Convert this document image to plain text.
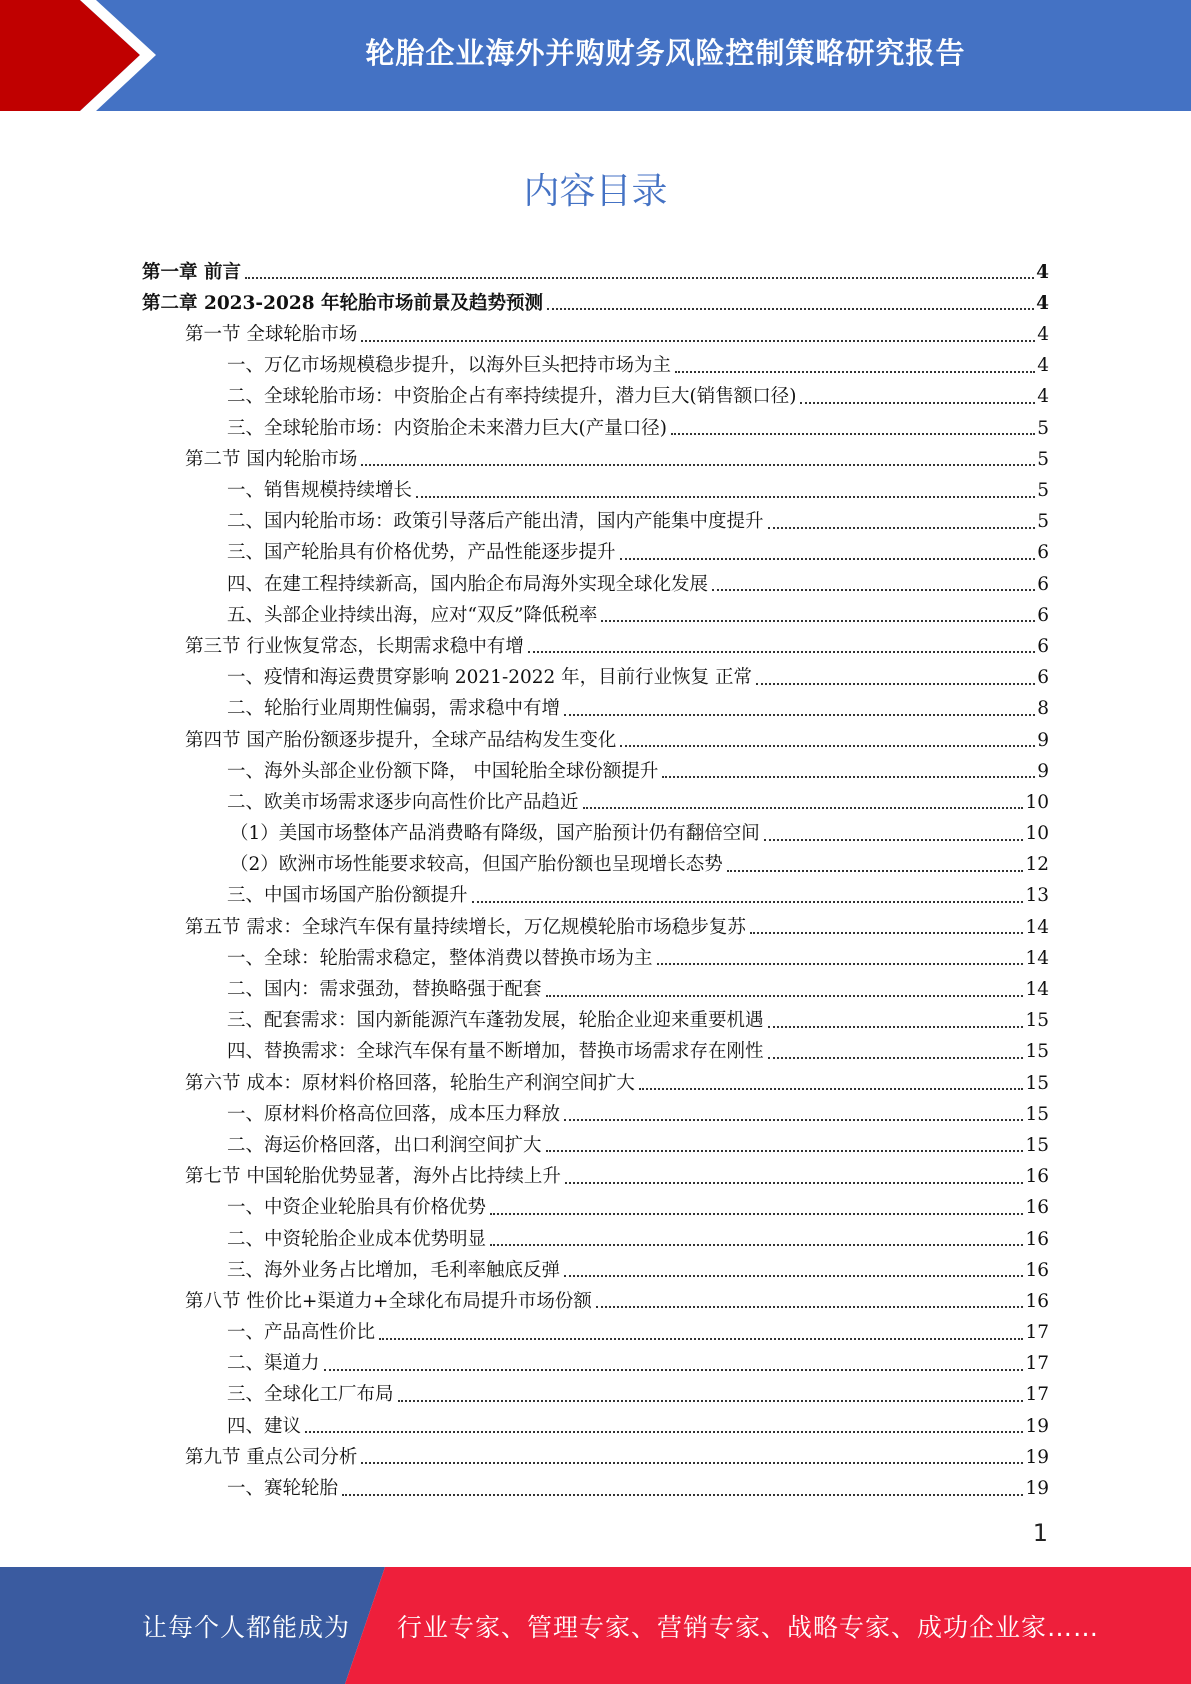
轮胎企业海外并购财务风险控制策略研究报告
内容目录
第一章 前言	4
第二章 2023-2028 年轮胎市场前景及趋势预测	4
第一节 全球轮胎市场	4
一、万亿市场规模稳步提升，以海外巨头把持市场为主	4
二、全球轮胎市场：中资胎企占有率持续提升，潜力巨大(销售额口径)	4
三、全球轮胎市场：内资胎企未来潜力巨大(产量口径)	5
第二节 国内轮胎市场	5
一、销售规模持续增长	5
二、国内轮胎市场：政策引导落后产能出清，国内产能集中度提升	5
三、国产轮胎具有价格优势，产品性能逐步提升	6
四、在建工程持续新高，国内胎企布局海外实现全球化发展	6
五、头部企业持续出海，应对“双反”降低税率	6
第三节 行业恢复常态，长期需求稳中有增	6
一、疫情和海运费贯穿影响 2021-2022 年，目前行业恢复 正常	6
二、轮胎行业周期性偏弱，需求稳中有增	8
第四节 国产胎份额逐步提升，全球产品结构发生变化	9
一、海外头部企业份额下降， 中国轮胎全球份额提升	9
二、欧美市场需求逐步向高性价比产品趋近	10
（1）美国市场整体产品消费略有降级，国产胎预计仍有翻倍空间	10
（2）欧洲市场性能要求较高，但国产胎份额也呈现增长态势	12
三、中国市场国产胎份额提升	13
第五节 需求：全球汽车保有量持续增长，万亿规模轮胎市场稳步复苏	14
一、全球：轮胎需求稳定，整体消费以替换市场为主	14
二、国内：需求强劲，替换略强于配套	14
三、配套需求：国内新能源汽车蓬勃发展，轮胎企业迎来重要机遇	15
四、替换需求：全球汽车保有量不断增加，替换市场需求存在刚性	15
第六节 成本：原材料价格回落，轮胎生产利润空间扩大	15
一、原材料价格高位回落，成本压力释放	15
二、海运价格回落，出口利润空间扩大	15
第七节 中国轮胎优势显著，海外占比持续上升	16
一、中资企业轮胎具有价格优势	16
二、中资轮胎企业成本优势明显	16
三、海外业务占比增加，毛利率触底反弹	16
第八节 性价比+渠道力+全球化布局提升市场份额	16
一、产品高性价比	17
二、渠道力	17
三、全球化工厂布局	17
四、建议	19
第九节 重点公司分析	19
一、赛轮轮胎	19
1
让每个人都能成为 行业专家、管理专家、营销专家、战略专家、成功企业家……
